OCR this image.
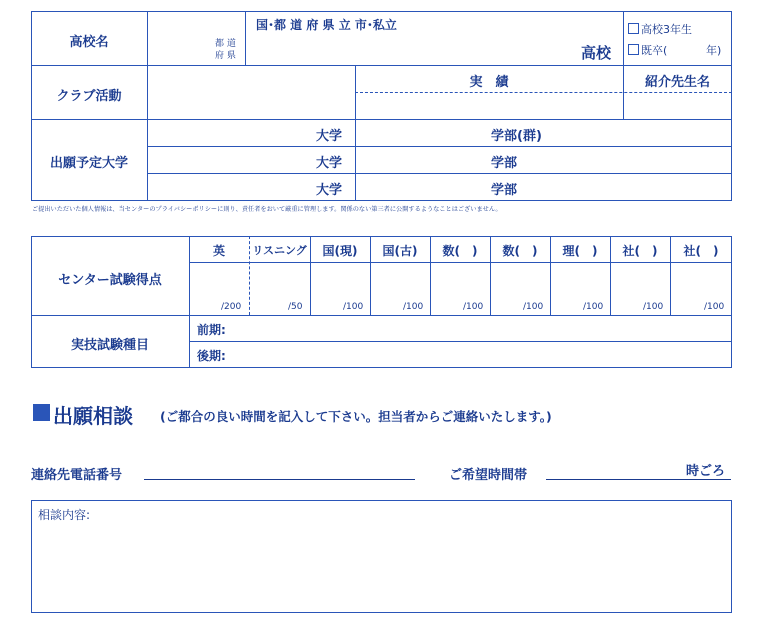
高校名	都 道
府 県
国･都 道 府 県 立 市･私立
高校
高校3年生
既卒(	年)
クラブ活動
実　績	紹介先生名
出願予定大学
大学	学部(群)
大学	学部
大学	学部
ご提出いただいた個人情報は、当センターのプライバシーポリシーに則り、責任者をおいて厳重に管理します。関係のない第三者に公開するようなことはございません。
センター試験得点
英	リスニング	国(現)	国(古)	数(　)	数(　)	理(　)	社(　)	社(　)
/200	/50	/100	/100	/100	/100	/100	/100	/100
実技試験種目
前期:
後期:
出願相談 (ご都合の良い時間を記入して下さい。担当者からご連絡いたします。)
連絡先電話番号	ご希望時間帯	時ごろ
相談内容:
